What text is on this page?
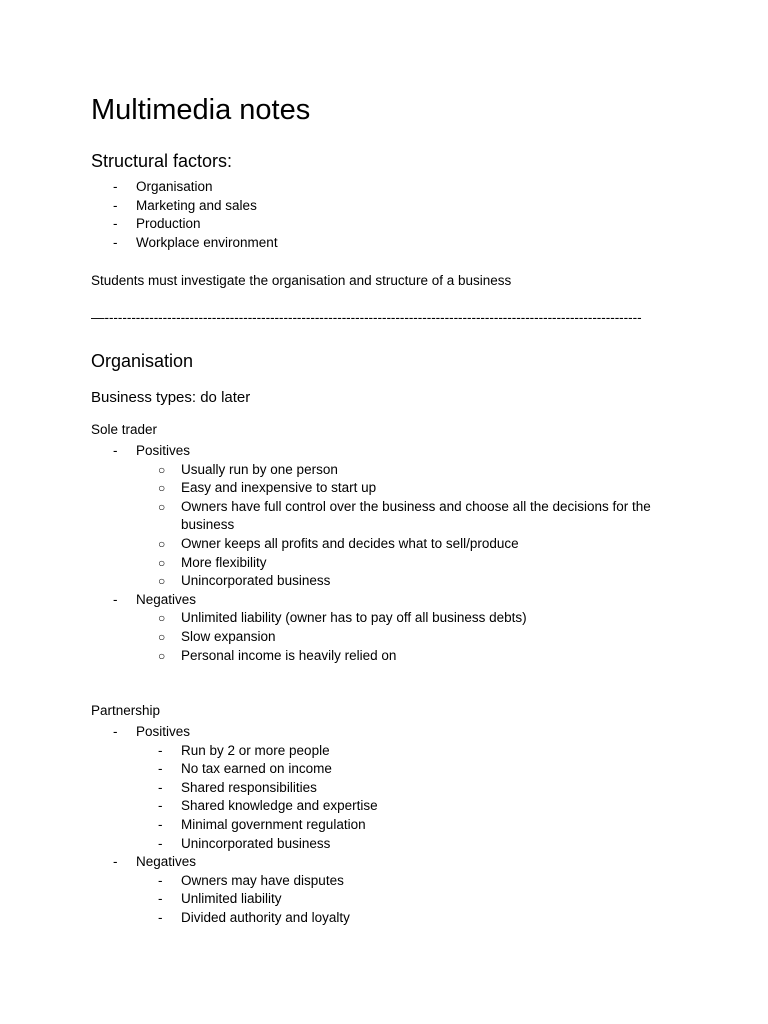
Multimedia notes
Structural factors:
- Organisation
- Marketing and sales
- Production
- Workplace environment
Students must investigate the organisation and structure of a business
—------------------------------------------------------------------------------------------------------------------------
Organisation
Business types: do later
Sole trader
- Positives
○ Usually run by one person
○ Easy and inexpensive to start up
○ Owners have full control over the business and choose all the decisions for the business
○ Owner keeps all profits and decides what to sell/produce
○ More flexibility
○ Unincorporated business
- Negatives
○ Unlimited liability (owner has to pay off all business debts)
○ Slow expansion
○ Personal income is heavily relied on
Partnership
- Positives
- Run by 2 or more people
- No tax earned on income
- Shared responsibilities
- Shared knowledge and expertise
- Minimal government regulation
- Unincorporated business
- Negatives
- Owners may have disputes
- Unlimited liability
- Divided authority and loyalty
